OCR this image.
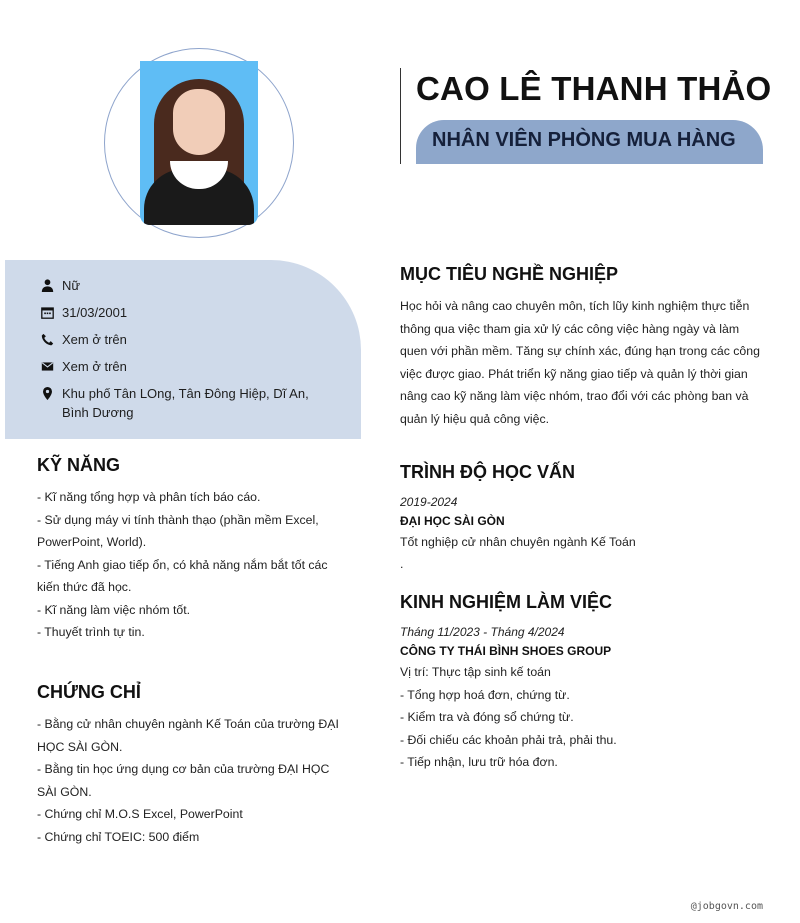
CAO LÊ THANH THẢO
NHÂN VIÊN PHÒNG MUA HÀNG
Nữ
31/03/2001
Xem ở trên
Xem ở trên
Khu phố Tân LOng, Tân Đông Hiệp, Dĩ An, Bình Dương
KỸ NĂNG
- Kĩ năng tổng hợp và phân tích báo cáo.
- Sử dụng máy vi tính thành thạo (phần mềm Excel, PowerPoint, World).
- Tiếng Anh giao tiếp ổn, có khả năng nắm bắt tốt các kiến thức đã học.
- Kĩ năng làm việc nhóm tốt.
- Thuyết trình tự tin.
CHỨNG CHỈ
- Bằng cử nhân chuyên ngành Kế Toán của trường ĐẠI HỌC SÀI GÒN.
- Bằng tin học ứng dụng cơ bản của trường ĐẠI HỌC SÀI GÒN.
- Chứng chỉ M.O.S Excel, PowerPoint
- Chứng chỉ TOEIC: 500 điểm
MỤC TIÊU NGHỀ NGHIỆP
Học hỏi và nâng cao chuyên môn, tích lũy kinh nghiệm thực tiễn thông qua việc tham gia xử lý các công việc hàng ngày và làm quen với phần mềm. Tăng sự chính xác, đúng hạn trong các công việc được giao. Phát triển kỹ năng giao tiếp và quản lý thời gian nâng cao kỹ năng làm việc nhóm, trao đổi với các phòng ban và quản lý hiệu quả công việc.
TRÌNH ĐỘ HỌC VẤN
2019-2024
ĐẠI HỌC SÀI GÒN
Tốt nghiệp cử nhân chuyên ngành Kế Toán
.
KINH NGHIỆM LÀM VIỆC
Tháng 11/2023 - Tháng 4/2024
CÔNG TY THÁI BÌNH SHOES GROUP
Vị trí: Thực tập sinh kế toán
- Tổng hợp hoá đơn, chứng từ.
- Kiểm tra và đóng sổ chứng từ.
- Đối chiếu các khoản phải trả, phải thu.
- Tiếp nhận, lưu trữ hóa đơn.
@jobgovn.com
